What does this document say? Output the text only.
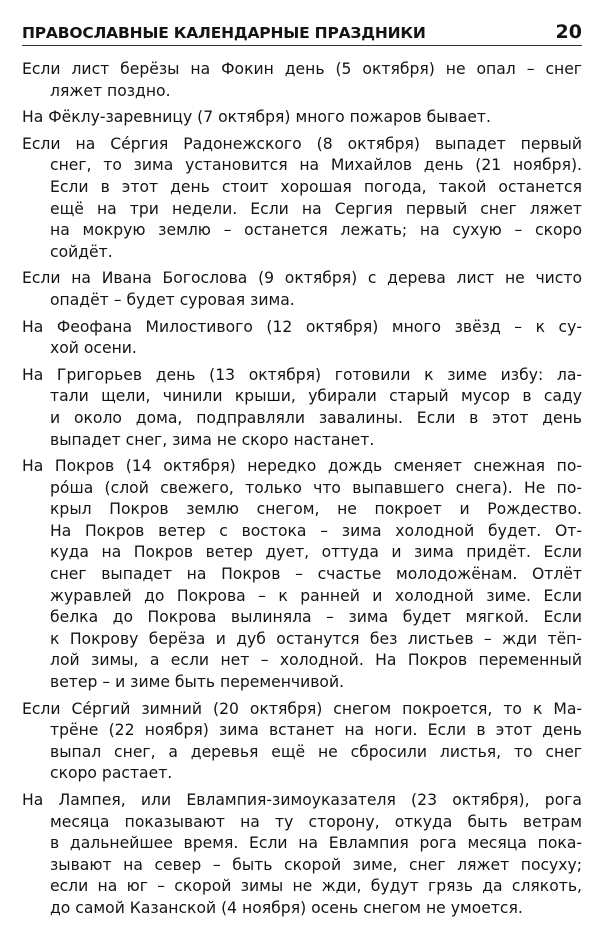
ПРАВОСЛАВНЫЕ КАЛЕНДАРНЫЕ ПРАЗДНИКИ	20
Если лист берёзы на Фокин день (5 октября) не опал – снег
ляжет поздно.
На Фёклу-заревницу (7 октября) много пожаров бывает.
Если на Се́ргия Радонежского (8 октября) выпадет первый
снег, то зима установится на Михайлов день (21 ноября).
Если в этот день стоит хорошая погода, такой останется
ещё на три недели. Если на Сергия первый снег ляжет
на мокрую землю – останется лежать; на сухую – скоро
сойдёт.
Если на Ивана Богослова (9 октября) с дерева лист не чисто
опадёт – будет суровая зима.
На Феофана Милостивого (12 октября) много звёзд – к су-
хой осени.
На Григорьев день (13 октября) готовили к зиме избу: ла-
тали щели, чинили крыши, убирали старый мусор в саду
и около дома, подправляли завалины. Если в этот день
выпадет снег, зима не скоро настанет.
На Покров (14 октября) нередко дождь сменяет снежная по-
ро́ша (слой свежего, только что выпавшего снега). Не по-
крыл Покров землю снегом, не покроет и Рождество.
На Покров ветер с востока – зима холодной будет. От-
куда на Покров ветер дует, оттуда и зима придёт. Если
снег выпадет на Покров – счастье молодожёнам. Отлёт
журавлей до Покрова – к ранней и холодной зиме. Если
белка до Покрова вылиняла – зима будет мягкой. Если
к Покрову берёза и дуб останутся без листьев – жди тёп-
лой зимы, а если нет – холодной. На Покров переменный
ветер – и зиме быть переменчивой.
Если Се́ргий зимний (20 октября) снегом покроется, то к Ма-
трёне (22 ноября) зима встанет на ноги. Если в этот день
выпал снег, а деревья ещё не сбросили листья, то снег
скоро растает.
На Лампея, или Евлампия-зимоуказателя (23 октября), рога
месяца показывают на ту сторону, откуда быть ветрам
в дальнейшее время. Если на Евлампия рога месяца пока-
зывают на север – быть скорой зиме, снег ляжет посуху;
если на юг – скорой зимы не жди, будут грязь да слякоть,
до самой Казанской (4 ноября) осень снегом не умоется.
